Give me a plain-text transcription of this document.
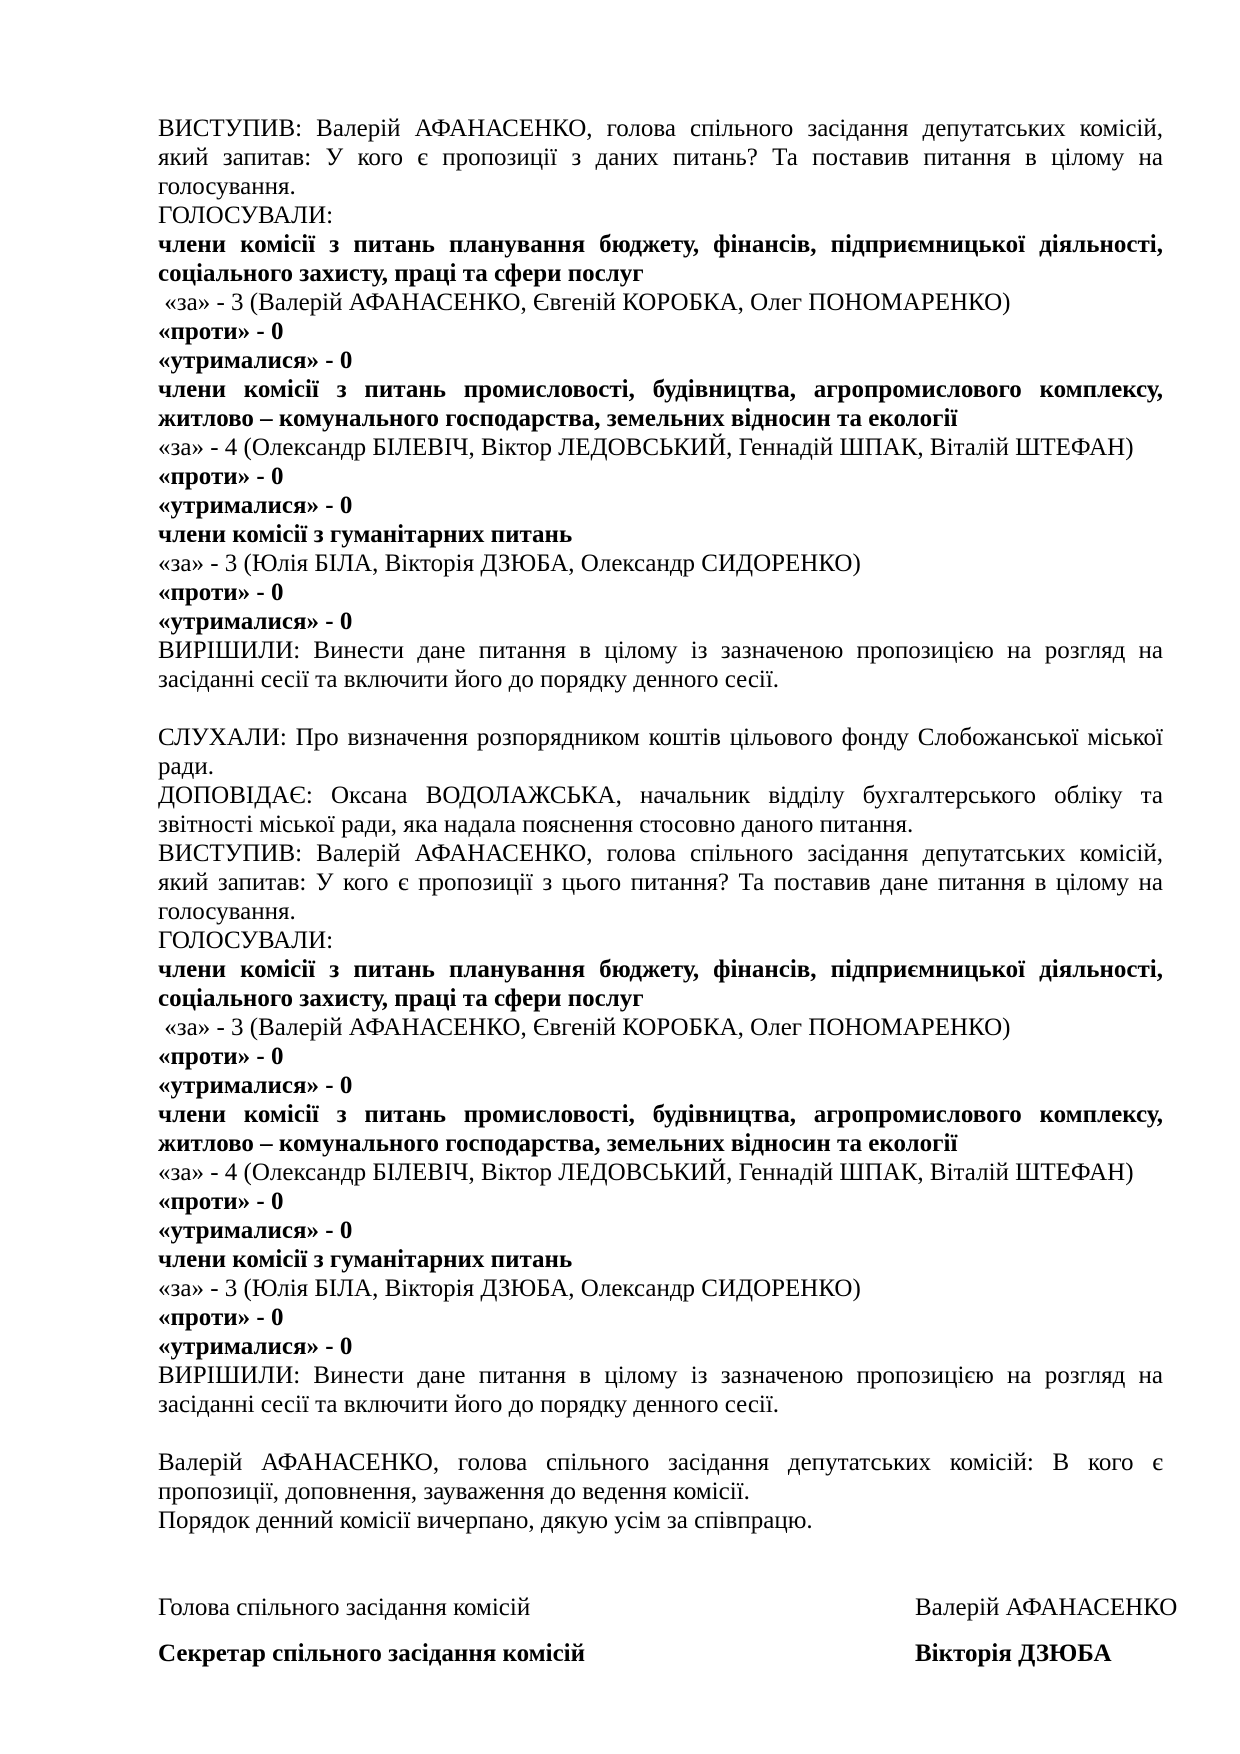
ВИСТУПИВ: Валерій АФАНАСЕНКО, голова спільного засідання депутатських комісій, який запитав: У кого є пропозиції з даних питань? Та поставив питання в цілому на голосування.

ГОЛОСУВАЛИ:

члени комісії з питань планування бюджету, фінансів, підприємницької діяльності, соціального захисту, праці та сфери послуг

«за» - 3 (Валерій АФАНАСЕНКО, Євгеній КОРОБКА, Олег ПОНОМАРЕНКО)

«проти» - 0

«утрималися» - 0

члени комісії з питань промисловості, будівництва, агропромислового комплексу, житлово – комунального господарства, земельних відносин та екології

«за» - 4 (Олександр БІЛЕВІЧ, Віктор ЛЕДОВСЬКИЙ, Геннадій ШПАК, Віталій ШТЕФАН)

«проти» - 0

«утрималися» - 0

члени комісії з гуманітарних питань

«за» - 3 (Юлія БІЛА, Вікторія ДЗЮБА, Олександр СИДОРЕНКО)

«проти» - 0

«утрималися» - 0

ВИРІШИЛИ: Винести дане питання в цілому із зазначеною пропозицією на розгляд на засіданні сесії та включити його до порядку денного сесії.

СЛУХАЛИ: Про визначення розпорядником коштів цільового фонду Слобожанської міської ради.

ДОПОВІДАЄ: Оксана ВОДОЛАЖСЬКА, начальник відділу бухгалтерського обліку та звітності міської ради, яка надала пояснення стосовно даного питання.

ВИСТУПИВ: Валерій АФАНАСЕНКО, голова спільного засідання депутатських комісій, який запитав: У кого є пропозиції з цього питання? Та поставив дане питання в цілому на голосування.

ГОЛОСУВАЛИ:

члени комісії з питань планування бюджету, фінансів, підприємницької діяльності, соціального захисту, праці та сфери послуг

«за» - 3 (Валерій АФАНАСЕНКО, Євгеній КОРОБКА, Олег ПОНОМАРЕНКО)

«проти» - 0

«утрималися» - 0

члени комісії з питань промисловості, будівництва, агропромислового комплексу, житлово – комунального господарства, земельних відносин та екології

«за» - 4 (Олександр БІЛЕВІЧ, Віктор ЛЕДОВСЬКИЙ, Геннадій ШПАК, Віталій ШТЕФАН)

«проти» - 0

«утрималися» - 0

члени комісії з гуманітарних питань

«за» - 3 (Юлія БІЛА, Вікторія ДЗЮБА, Олександр СИДОРЕНКО)

«проти» - 0

«утрималися» - 0

ВИРІШИЛИ: Винести дане питання в цілому із зазначеною пропозицією на розгляд на засіданні сесії та включити його до порядку денного сесії.

Валерій АФАНАСЕНКО, голова спільного засідання депутатських комісій: В кого є пропозиції, доповнення, зауваження до ведення комісії.

Порядок денний комісії вичерпано, дякую усім за співпрацю.

Голова спільного засідання комісій	Валерій АФАНАСЕНКО
Секретар спільного засідання комісій	Вікторія ДЗЮБА
